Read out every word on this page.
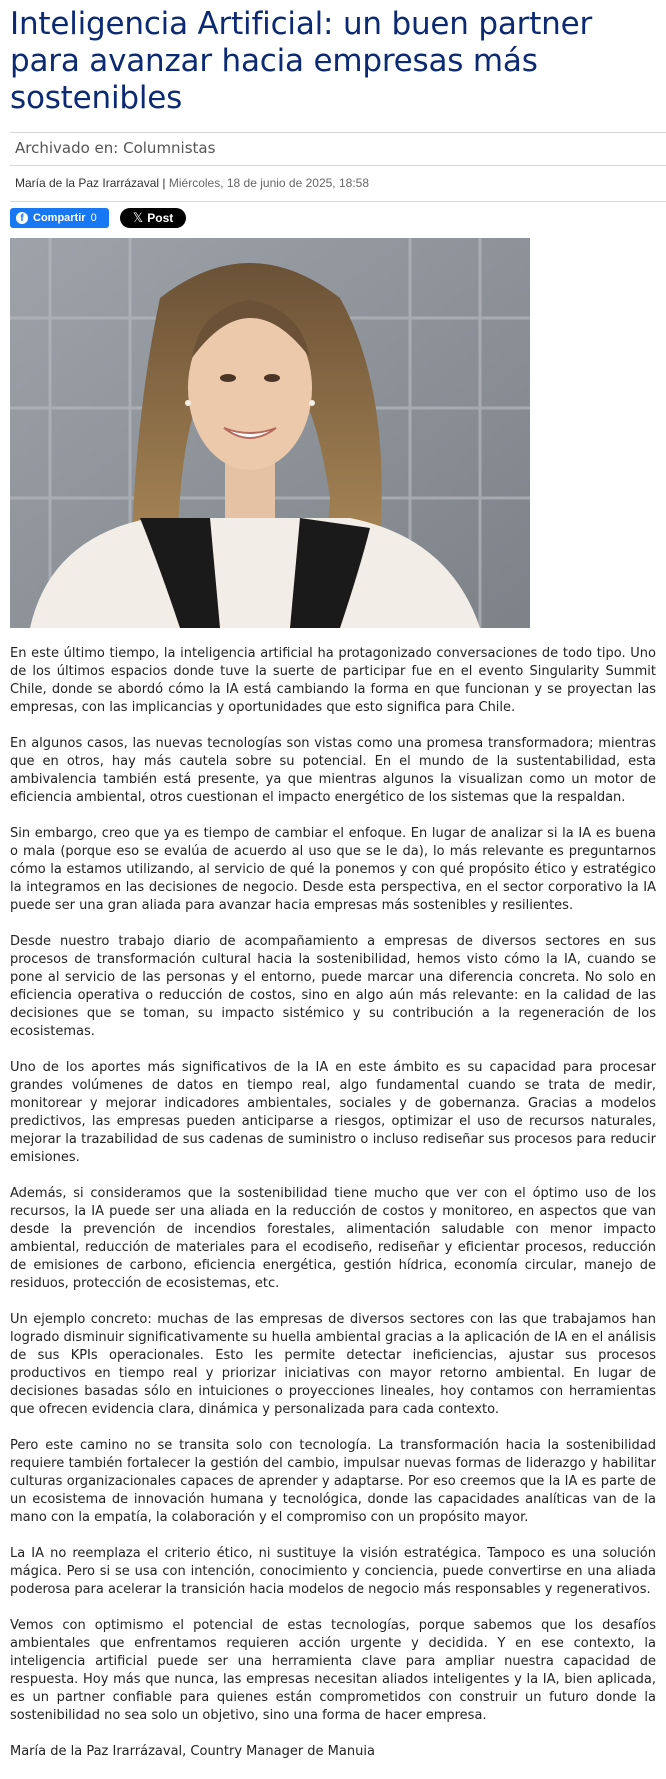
Inteligencia Artificial: un buen partner para avanzar hacia empresas más sostenibles
Archivado en: Columnistas
María de la Paz Irarrázaval | Miércoles, 18 de junio de 2025, 18:58
f Compartir 0	𝕏 Post

En este último tiempo, la inteligencia artificial ha protagonizado conversaciones de todo tipo. Uno de los últimos espacios donde tuve la suerte de participar fue en el evento Singularity Summit Chile, donde se abordó cómo la IA está cambiando la forma en que funcionan y se proyectan las empresas, con las implicancias y oportunidades que esto significa para Chile.

En algunos casos, las nuevas tecnologías son vistas como una promesa transformadora; mientras que en otros, hay más cautela sobre su potencial. En el mundo de la sustentabilidad, esta ambivalencia también está presente, ya que mientras algunos la visualizan como un motor de eficiencia ambiental, otros cuestionan el impacto energético de los sistemas que la respaldan.

Sin embargo, creo que ya es tiempo de cambiar el enfoque. En lugar de analizar si la IA es buena o mala (porque eso se evalúa de acuerdo al uso que se le da), lo más relevante es preguntarnos cómo la estamos utilizando, al servicio de qué la ponemos y con qué propósito ético y estratégico la integramos en las decisiones de negocio. Desde esta perspectiva, en el sector corporativo la IA puede ser una gran aliada para avanzar hacia empresas más sostenibles y resilientes.

Desde nuestro trabajo diario de acompañamiento a empresas de diversos sectores en sus procesos de transformación cultural hacia la sostenibilidad, hemos visto cómo la IA, cuando se pone al servicio de las personas y el entorno, puede marcar una diferencia concreta. No solo en eficiencia operativa o reducción de costos, sino en algo aún más relevante: en la calidad de las decisiones que se toman, su impacto sistémico y su contribución a la regeneración de los ecosistemas.

Uno de los aportes más significativos de la IA en este ámbito es su capacidad para procesar grandes volúmenes de datos en tiempo real, algo fundamental cuando se trata de medir, monitorear y mejorar indicadores ambientales, sociales y de gobernanza. Gracias a modelos predictivos, las empresas pueden anticiparse a riesgos, optimizar el uso de recursos naturales, mejorar la trazabilidad de sus cadenas de suministro o incluso rediseñar sus procesos para reducir emisiones.

Además, si consideramos que la sostenibilidad tiene mucho que ver con el óptimo uso de los recursos, la IA puede ser una aliada en la reducción de costos y monitoreo, en aspectos que van desde la prevención de incendios forestales, alimentación saludable con menor impacto ambiental, reducción de materiales para el ecodiseño, rediseñar y eficientar procesos, reducción de emisiones de carbono, eficiencia energética, gestión hídrica, economía circular, manejo de residuos, protección de ecosistemas, etc.

Un ejemplo concreto: muchas de las empresas de diversos sectores con las que trabajamos han logrado disminuir significativamente su huella ambiental gracias a la aplicación de IA en el análisis de sus KPIs operacionales. Esto les permite detectar ineficiencias, ajustar sus procesos productivos en tiempo real y priorizar iniciativas con mayor retorno ambiental. En lugar de decisiones basadas sólo en intuiciones o proyecciones lineales, hoy contamos con herramientas que ofrecen evidencia clara, dinámica y personalizada para cada contexto.

Pero este camino no se transita solo con tecnología. La transformación hacia la sostenibilidad requiere también fortalecer la gestión del cambio, impulsar nuevas formas de liderazgo y habilitar culturas organizacionales capaces de aprender y adaptarse. Por eso creemos que la IA es parte de un ecosistema de innovación humana y tecnológica, donde las capacidades analíticas van de la mano con la empatía, la colaboración y el compromiso con un propósito mayor.

La IA no reemplaza el criterio ético, ni sustituye la visión estratégica. Tampoco es una solución mágica. Pero si se usa con intención, conocimiento y conciencia, puede convertirse en una aliada poderosa para acelerar la transición hacia modelos de negocio más responsables y regenerativos.

Vemos con optimismo el potencial de estas tecnologías, porque sabemos que los desafíos ambientales que enfrentamos requieren acción urgente y decidida. Y en ese contexto, la inteligencia artificial puede ser una herramienta clave para ampliar nuestra capacidad de respuesta. Hoy más que nunca, las empresas necesitan aliados inteligentes y la IA, bien aplicada, es un partner confiable para quienes están comprometidos con construir un futuro donde la sostenibilidad no sea solo un objetivo, sino una forma de hacer empresa.

María de la Paz Irarrázaval, Country Manager de Manuia
